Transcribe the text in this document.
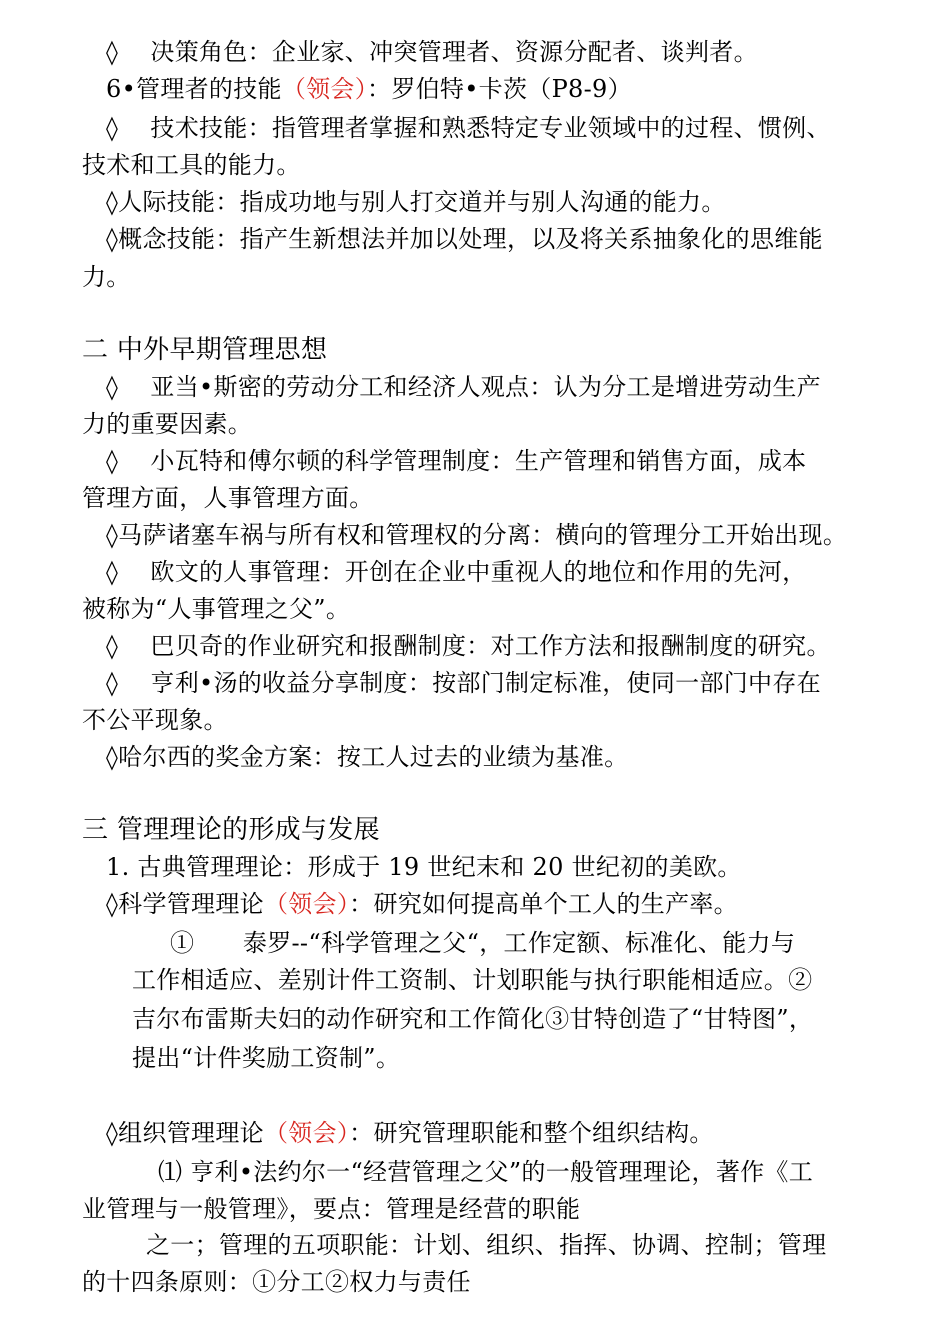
◊　 决策角色：企业家、冲突管理者、资源分配者、谈判者。
6•管理者的技能（领会）：罗伯特•卡茨（P8-9）
◊　 技术技能：指管理者掌握和熟悉特定专业领域中的过程、惯例、
技术和工具的能力。
◊人际技能：指成功地与别人打交道并与别人沟通的能力。
◊概念技能：指产生新想法并加以处理，以及将关系抽象化的思维能
力。
二 中外早期管理思想
◊　 亚当•斯密的劳动分工和经济人观点：认为分工是增进劳动生产
力的重要因素。
◊　 小瓦特和傅尔顿的科学管理制度：生产管理和销售方面，成本
管理方面，人事管理方面。
◊马萨诸塞车祸与所有权和管理权的分离：横向的管理分工开始出现。
◊　 欧文的人事管理：开创在企业中重视人的地位和作用的先河，
被称为“人事管理之父”。
◊　 巴贝奇的作业研究和报酬制度：对工作方法和报酬制度的研究。
◊　 亨利•汤的收益分享制度：按部门制定标准，使同一部门中存在
不公平现象。
◊哈尔西的奖金方案：按工人过去的业绩为基准。
三 管理理论的形成与发展
1. 古典管理理论：形成于 19 世纪末和 20 世纪初的美欧。
◊科学管理理论（领会）：研究如何提高单个工人的生产率。
①　　泰罗--“科学管理之父“，工作定额、标准化、能力与
工作相适应、差别计件工资制、计划职能与执行职能相适应。②
吉尔布雷斯夫妇的动作研究和工作简化③甘特创造了“甘特图”，
提出“计件奖励工资制”。
◊组织管理理论（领会）：研究管理职能和整个组织结构。
⑴ 亨利•法约尔一“经营管理之父”的一般管理理论，著作《工
业管理与一般管理》，要点：管理是经营的职能
之一；管理的五项职能：计划、组织、指挥、协调、控制；管理
的十四条原则：①分工②权力与责任
